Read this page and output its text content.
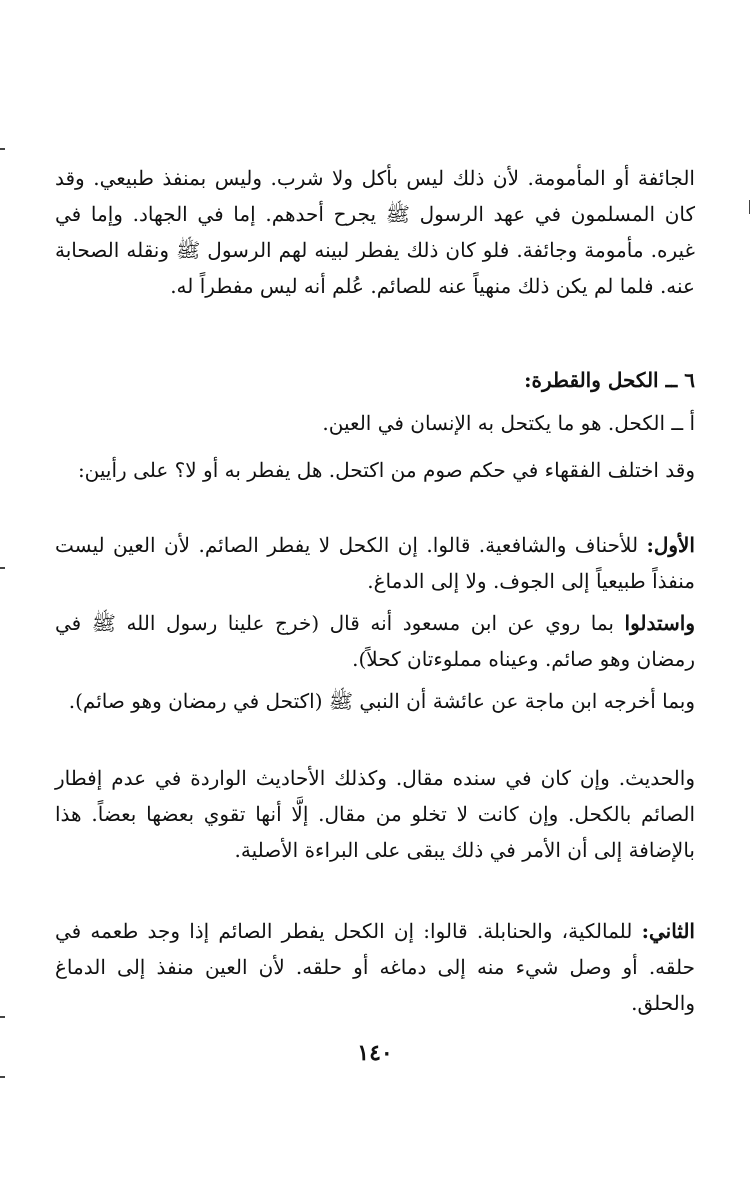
الجائفة أو المأمومة. لأن ذلك ليس بأكل ولا شرب. وليس بمنفذ طبيعي. وقد كان المسلمون في عهد الرسول ﷺ يجرح أحدهم. إما في الجهاد. وإما في غيره. مأمومة وجائفة. فلو كان ذلك يفطر لبينه لهم الرسول ﷺ ونقله الصحابة عنه. فلما لم يكن ذلك منهياً عنه للصائم. عُلم أنه ليس مفطراً له.

٦ ــ الكحل والقطرة:

أ ــ الكحل. هو ما يكتحل به الإنسان في العين.

وقد اختلف الفقهاء في حكم صوم من اكتحل. هل يفطر به أو لا؟ على رأيين:

الأول: للأحناف والشافعية. قالوا. إن الكحل لا يفطر الصائم. لأن العين ليست منفذاً طبيعياً إلى الجوف. ولا إلى الدماغ.

واستدلوا بما روي عن ابن مسعود أنه قال (خرج علينا رسول الله ﷺ في رمضان وهو صائم. وعيناه مملوءتان كحلاً).

وبما أخرجه ابن ماجة عن عائشة أن النبي ﷺ (اكتحل في رمضان وهو صائم).

والحديث. وإن كان في سنده مقال. وكذلك الأحاديث الواردة في عدم إفطار الصائم بالكحل. وإن كانت لا تخلو من مقال. إلَّا أنها تقوي بعضها بعضاً. هذا بالإضافة إلى أن الأمر في ذلك يبقى على البراءة الأصلية.

الثاني: للمالكية، والحنابلة. قالوا: إن الكحل يفطر الصائم إذا وجد طعمه في حلقه. أو وصل شيء منه إلى دماغه أو حلقه. لأن العين منفذ إلى الدماغ والحلق.

١٤٠
